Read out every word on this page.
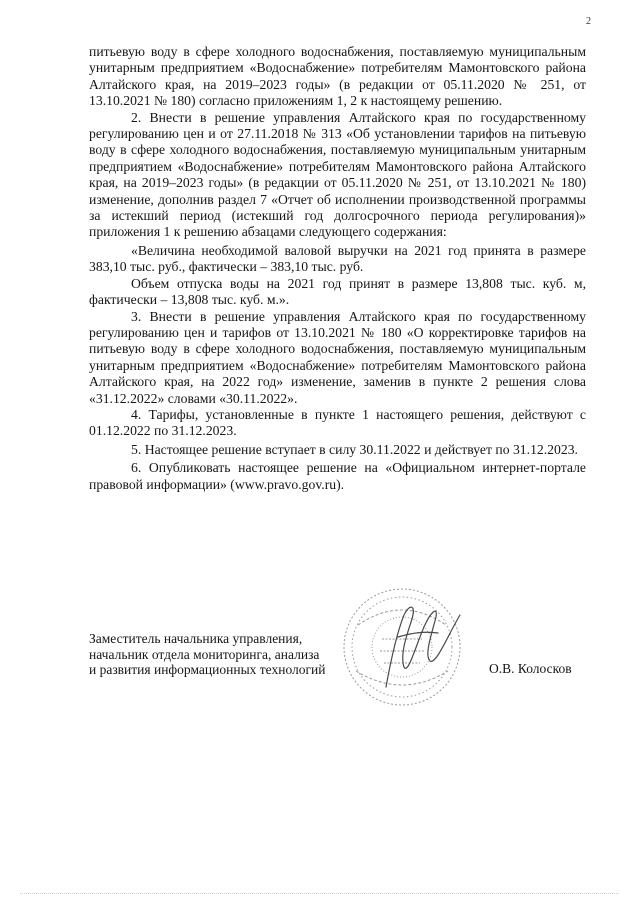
2

питьевую воду в сфере холодного водоснабжения, поставляемую муниципальным унитарным предприятием «Водоснабжение» потребителям Мамонтовского района Алтайского края, на 2019–2023 годы» (в редакции от 05.11.2020 № 251, от 13.10.2021 № 180) согласно приложениям 1, 2 к настоящему решению.

2. Внести в решение управления Алтайского края по государственному регулированию цен и от 27.11.2018 № 313 «Об установлении тарифов на питьевую воду в сфере холодного водоснабжения, поставляемую муниципальным унитарным предприятием «Водоснабжение» потребителям Мамонтовского района Алтайского края, на 2019–2023 годы» (в редакции от 05.11.2020 № 251, от 13.10.2021 № 180) изменение, дополнив раздел 7 «Отчет об исполнении производственной программы за истекший период (истекший год долгосрочного периода регулирования)» приложения 1 к решению абзацами следующего содержания:

«Величина необходимой валовой выручки на 2021 год принята в размере 383,10 тыс. руб., фактически – 383,10 тыс. руб.

Объем отпуска воды на 2021 год принят в размере 13,808 тыс. куб. м, фактически – 13,808 тыс. куб. м.».

3. Внести в решение управления Алтайского края по государственному регулированию цен и тарифов от 13.10.2021 № 180 «О корректировке тарифов на питьевую воду в сфере холодного водоснабжения, поставляемую муниципальным унитарным предприятием «Водоснабжение» потребителям Мамонтовского района Алтайского края, на 2022 год» изменение, заменив в пункте 2 решения слова «31.12.2022» словами «30.11.2022».

4. Тарифы, установленные в пункте 1 настоящего решения, действуют с 01.12.2022 по 31.12.2023.

5. Настоящее решение вступает в силу 30.11.2022 и действует по 31.12.2023.

6. Опубликовать настоящее решение на «Официальном интернет-портале правовой информации» (www.pravo.gov.ru).

Заместитель начальника управления,
начальник отдела мониторинга, анализа
и развития информационных технологий	О.В. Колосков
